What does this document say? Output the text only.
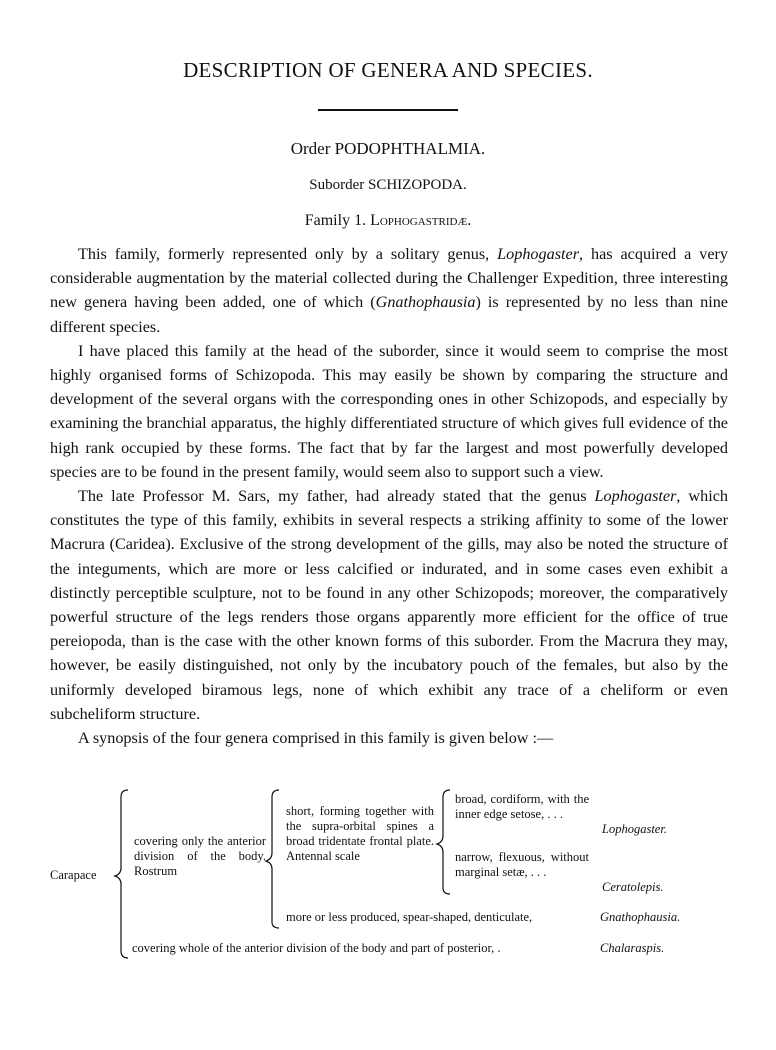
DESCRIPTION OF GENERA AND SPECIES.
Order PODOPHTHALMIA.
Suborder SCHIZOPODA.
Family 1. Lophogastridæ.

This family, formerly represented only by a solitary genus, Lophogaster, has acquired a very considerable augmentation by the material collected during the Challenger Expedition, three interesting new genera having been added, one of which (Gnathophausia) is represented by no less than nine different species.

I have placed this family at the head of the suborder, since it would seem to comprise the most highly organised forms of Schizopoda. This may easily be shown by comparing the structure and development of the several organs with the corresponding ones in other Schizopods, and especially by examining the branchial apparatus, the highly differentiated structure of which gives full evidence of the high rank occupied by these forms. The fact that by far the largest and most powerfully developed species are to be found in the present family, would seem also to support such a view.

The late Professor M. Sars, my father, had already stated that the genus Lophogaster, which constitutes the type of this family, exhibits in several respects a striking affinity to some of the lower Macrura (Caridea). Exclusive of the strong development of the gills, may also be noted the structure of the integuments, which are more or less calcified or indurated, and in some cases even exhibit a distinctly perceptible sculpture, not to be found in any other Schizopods; moreover, the comparatively powerful structure of the legs renders those organs apparently more efficient for the office of true pereiopoda, than is the case with the other known forms of this suborder. From the Macrura they may, however, be easily distinguished, not only by the incubatory pouch of the females, but also by the uniformly developed biramous legs, none of which exhibit any trace of a cheliform or even subcheliform structure.

A synopsis of the four genera comprised in this family is given below :—

Carapace
covering only the anterior division of the body. Rostrum
short, forming together with the supra-orbital spines a broad tridentate frontal plate. Antennal scale
broad, cordiform, with the inner edge setose, . . .
Lophogaster.
narrow, flexuous, without marginal setæ, . . .
Ceratolepis.
more or less produced, spear-shaped, denticulate,	Gnathophausia.
covering whole of the anterior division of the body and part of posterior, .	Chalaraspis.
